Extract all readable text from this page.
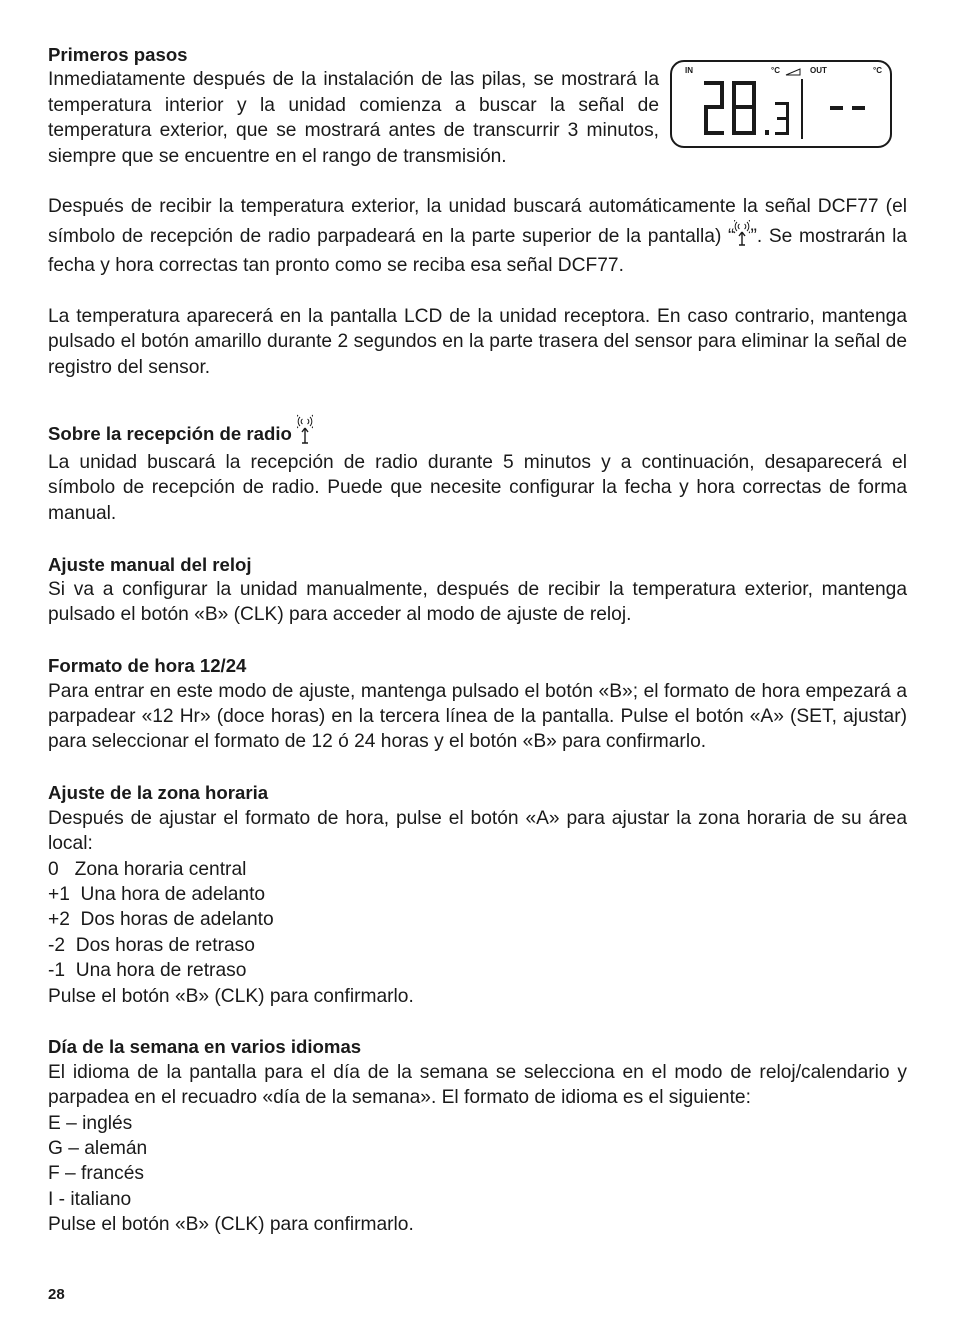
Primeros pasos

Inmediatamente después de la instalación de las pilas, se mostrará la temperatura interior y la unidad comienza a buscar la señal de temperatura exterior, que se mostrará antes de transcurrir 3 minutos, siempre que se encuentre en el rango de transmisión.

Después de recibir la temperatura exterior, la unidad buscará automáticamente la señal DCF77 (el símbolo de recepción de radio parpadeará en la parte superior de la pantalla) “ ”. Se mostrarán la fecha y hora correctas tan pronto como se reciba esa señal DCF77.

La temperatura aparecerá en la pantalla LCD de la unidad receptora. En caso contrario, mantenga pulsado el botón amarillo durante 2 segundos en la parte trasera del sensor para eliminar la señal de registro del sensor.

Sobre la recepción de radio

La unidad buscará la recepción de radio durante 5 minutos y a continuación, desaparecerá el símbolo de recepción de radio. Puede que necesite configurar la fecha y hora correctas de forma manual.

Ajuste manual del reloj

Si va a configurar la unidad manualmente, después de recibir la temperatura exterior, mantenga pulsado el botón «B» (CLK) para acceder al modo de ajuste de reloj.

Formato de hora 12/24

Para entrar en este modo de ajuste, mantenga pulsado el botón «B»; el formato de hora empezará a parpadear «12 Hr» (doce horas) en la tercera línea de la pantalla. Pulse el botón «A» (SET, ajustar) para seleccionar el formato de 12 ó 24 horas y el botón «B» para confirmarlo.

Ajuste de la zona horaria

Después de ajustar el formato de hora, pulse el botón «A» para ajustar la zona horaria de su área local:

0   Zona horaria central

+1  Una hora de adelanto

+2  Dos horas de adelanto

-2  Dos horas de retraso

-1  Una hora de retraso

Pulse el botón «B» (CLK) para confirmarlo.

Día de la semana en varios idiomas

El idioma de la pantalla para el día de la semana se selecciona en el modo de reloj/calendario y parpadea en el recuadro «día de la semana». El formato de idioma es el siguiente:

E – inglés

G – alemán

F – francés

I - italiano

Pulse el botón «B» (CLK) para confirmarlo.

IN	°C	OUT	°C
28
